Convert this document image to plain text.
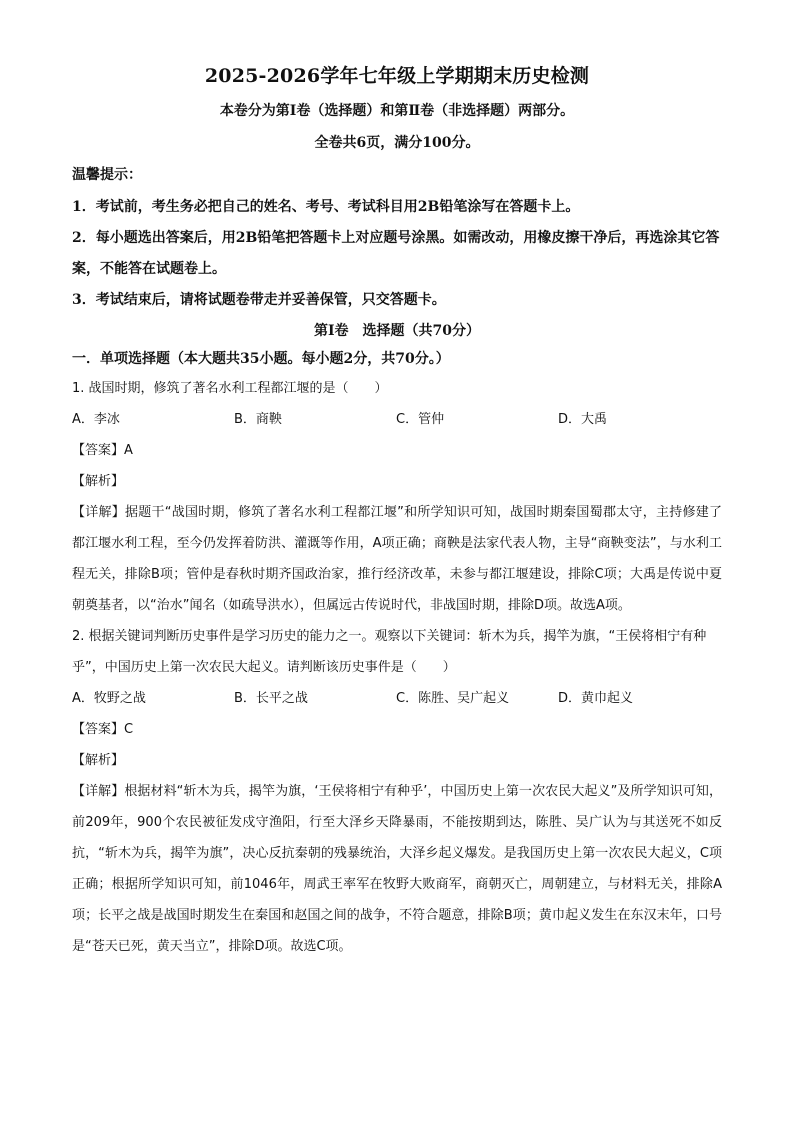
2025-2026学年七年级上学期期末历史检测
本卷分为第Ⅰ卷（选择题）和第Ⅱ卷（非选择题）两部分。
全卷共6页，满分100分。
温馨提示：
1．考试前，考生务必把自己的姓名、考号、考试科目用2B铅笔涂写在答题卡上。
2．每小题选出答案后，用2B铅笔把答题卡上对应题号涂黑。如需改动，用橡皮擦干净后，再选涂其它答案，不能答在试题卷上。
3．考试结束后，请将试题卷带走并妥善保管，只交答题卡。
第Ⅰ卷　选择题（共70分）
一．单项选择题（本大题共35小题。每小题2分，共70分。）
1. 战国时期，修筑了著名水利工程都江堰的是（　　）
A．李冰	B．商鞅	C．管仲	D．大禹
【答案】A
【解析】
【详解】据题干“战国时期，修筑了著名水利工程都江堰”和所学知识可知，战国时期秦国蜀郡太守，主持修建了都江堰水利工程，至今仍发挥着防洪、灌溉等作用，A项正确；商鞅是法家代表人物，主导“商鞅变法”，与水利工程无关，排除B项；管仲是春秋时期齐国政治家，推行经济改革，未参与都江堰建设，排除C项；大禹是传说中夏朝奠基者，以“治水”闻名（如疏导洪水），但属远古传说时代，非战国时期，排除D项。故选A项。
2. 根据关键词判断历史事件是学习历史的能力之一。观察以下关键词：斩木为兵，揭竿为旗，“王侯将相宁有种乎”，中国历史上第一次农民大起义。请判断该历史事件是（　　）
A．牧野之战	B．长平之战	C．陈胜、吴广起义	D．黄巾起义
【答案】C
【解析】
【详解】根据材料“斩木为兵，揭竿为旗，‘王侯将相宁有种乎’，中国历史上第一次农民大起义”及所学知识可知，前209年，900个农民被征发戍守渔阳，行至大泽乡天降暴雨，不能按期到达，陈胜、吴广认为与其送死不如反抗，“斩木为兵，揭竿为旗”，决心反抗秦朝的残暴统治，大泽乡起义爆发。是我国历史上第一次农民大起义，C项正确；根据所学知识可知，前1046年，周武王率军在牧野大败商军，商朝灭亡，周朝建立，与材料无关，排除A项；长平之战是战国时期发生在秦国和赵国之间的战争，不符合题意，排除B项；黄巾起义发生在东汉末年，口号是“苍天已死，黄天当立”，排除D项。故选C项。
